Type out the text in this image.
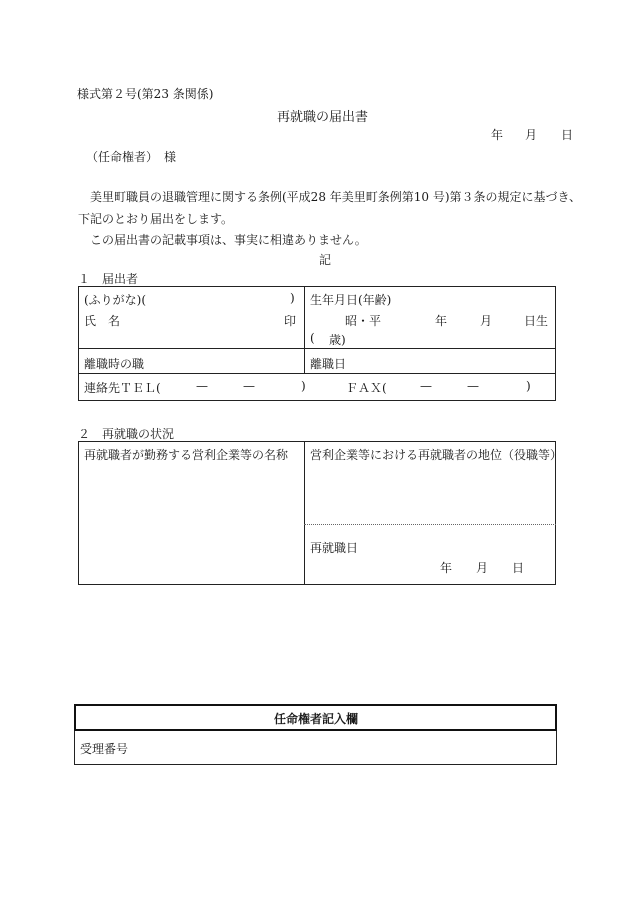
様式第２号(第23 条関係)
再就職の届出書
年 月 日
（任命権者）　様
美里町職員の退職管理に関する条例(平成28 年美里町条例第10 号)第３条の規定に基づき、
下記のとおり届出をします。
この届出書の記載事項は、事実に相違ありません。
記
１　届出者
(ふりがな)(	)
氏　名	印
生年月日(年齢)
昭・平	年	月	日生
( 歳)
離職時の職	離職日
連絡先ＴＥＬ(	—	—	)	ＦＡＸ(	—	—	)
２　再就職の状況
再就職者が勤務する営利企業等の名称 営利企業等における再就職者の地位（役職等）
再就職日
年 月 日
任命権者記入欄
受理番号
